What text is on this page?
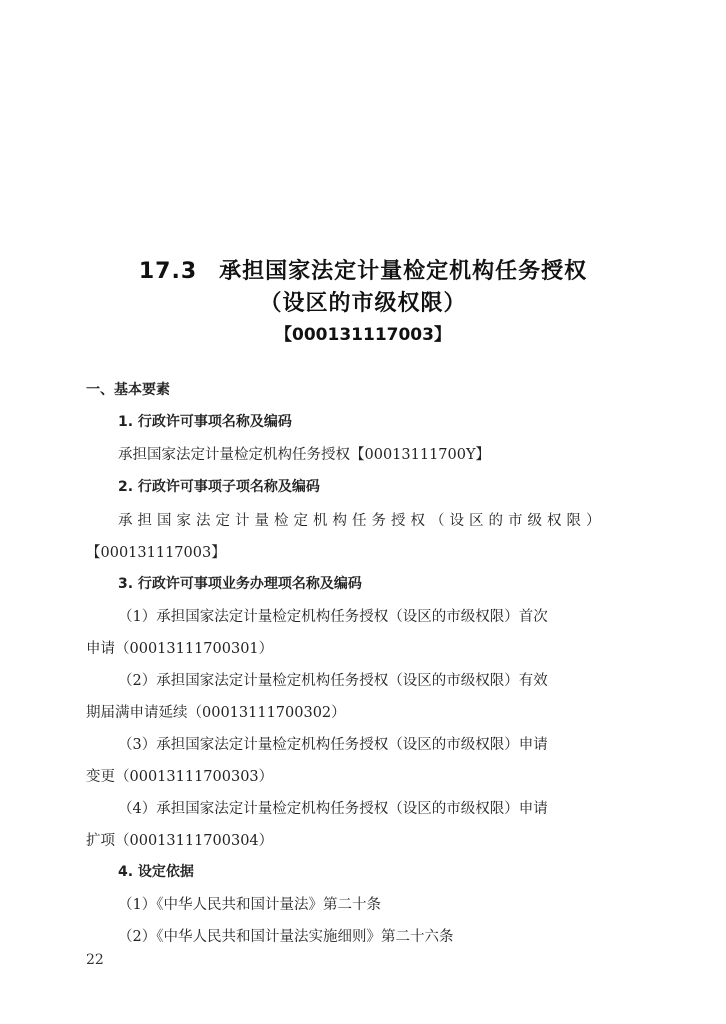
17.3 承担国家法定计量检定机构任务授权
（设区的市级权限）
【000131117003】
一、基本要素
1. 行政许可事项名称及编码
承担国家法定计量检定机构任务授权【00013111700Y】
2. 行政许可事项子项名称及编码
承担国家法定计量检定机构任务授权（设区的市级权限）
【000131117003】
3. 行政许可事项业务办理项名称及编码
（1）承担国家法定计量检定机构任务授权（设区的市级权限）首次
申请（00013111700301）
（2）承担国家法定计量检定机构任务授权（设区的市级权限）有效
期届满申请延续（00013111700302）
（3）承担国家法定计量检定机构任务授权（设区的市级权限）申请
变更（00013111700303）
（4）承担国家法定计量检定机构任务授权（设区的市级权限）申请
扩项（00013111700304）
4. 设定依据
（1）《中华人民共和国计量法》第二十条
（2）《中华人民共和国计量法实施细则》第二十六条
22
